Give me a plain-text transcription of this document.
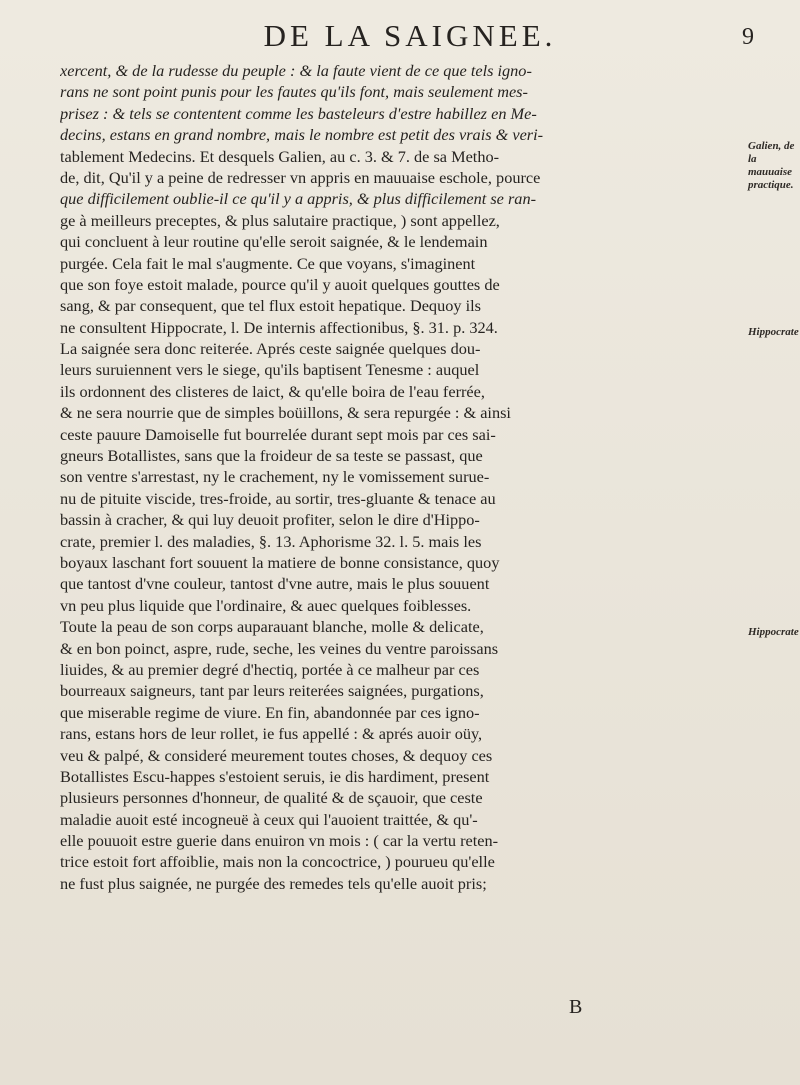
DE LA SAIGNEE.	9
xercent, & de la rudesse du peuple : & la faute vient de ce que tels igno-
rans ne sont point punis pour les fautes qu'ils font, mais seulement mes-
prisez : & tels se contentent comme les basteleurs d'estre habillez en Me-
decins, estans en grand nombre, mais le nombre est petit des vrais & veri-
tablement Medecins. Et desquels Galien, au c. 3. & 7. de sa Metho-
de, dit, Qu'il y a peine de redresser vn appris en mauuaise eschole, pource
que difficilement oublie-il ce qu'il y a appris, & plus difficilement se ran-
ge à meilleurs preceptes, & plus salutaire practique, ) sont appellez,
qui concluent à leur routine qu'elle seroit saignée, & le lendemain
purgée. Cela fait le mal s'augmente. Ce que voyans, s'imaginent
que son foye estoit malade, pource qu'il y auoit quelques gouttes de
sang, & par consequent, que tel flux estoit hepatique. Dequoy ils
ne consultent Hippocrate, l. De internis affectionibus, §. 31. p. 324.
La saignée sera donc reiterée. Aprés ceste saignée quelques dou-
leurs suruiennent vers le siege, qu'ils baptisent Tenesme : auquel
ils ordonnent des clisteres de laict, & qu'elle boira de l'eau ferrée,
& ne sera nourrie que de simples boüillons, & sera repurgée : & ainsi
ceste pauure Damoiselle fut bourrelée durant sept mois par ces sai-
gneurs Botallistes, sans que la froideur de sa teste se passast, que
son ventre s'arrestast, ny le crachement, ny le vomissement surue-
nu de pituite viscide, tres-froide, au sortir, tres-gluante & tenace au
bassin à cracher, & qui luy deuoit profiter, selon le dire d'Hippo-
crate, premier l. des maladies, §. 13. Aphorisme 32. l. 5. mais les
boyaux laschant fort souuent la matiere de bonne consistance, quoy
que tantost d'vne couleur, tantost d'vne autre, mais le plus souuent
vn peu plus liquide que l'ordinaire, & auec quelques foiblesses.
Toute la peau de son corps auparauant blanche, molle & delicate,
& en bon poinct, aspre, rude, seche, les veines du ventre paroissans
liuides, & au premier degré d'hectiq, portée à ce malheur par ces
bourreaux saigneurs, tant par leurs reiterées saignées, purgations,
que miserable regime de viure. En fin, abandonnée par ces igno-
rans, estans hors de leur rollet, ie fus appellé : & aprés auoir oüy,
veu & palpé, & consideré meurement toutes choses, & dequoy ces
Botallistes Escu-happes s'estoient seruis, ie dis hardiment, present
plusieurs personnes d'honneur, de qualité & de sçauoir, que ceste
maladie auoit esté incogneuë à ceux qui l'auoient traittée, & qu'-
elle pouuoit estre guerie dans enuiron vn mois : ( car la vertu reten-
trice estoit fort affoiblie, mais non la concoctrice, ) pourueu qu'elle
ne fust plus saignée, ne purgée des remedes tels qu'elle auoit pris;
Galien, de la mauuaise practique.
Hippocrate
Hippocrate
B
